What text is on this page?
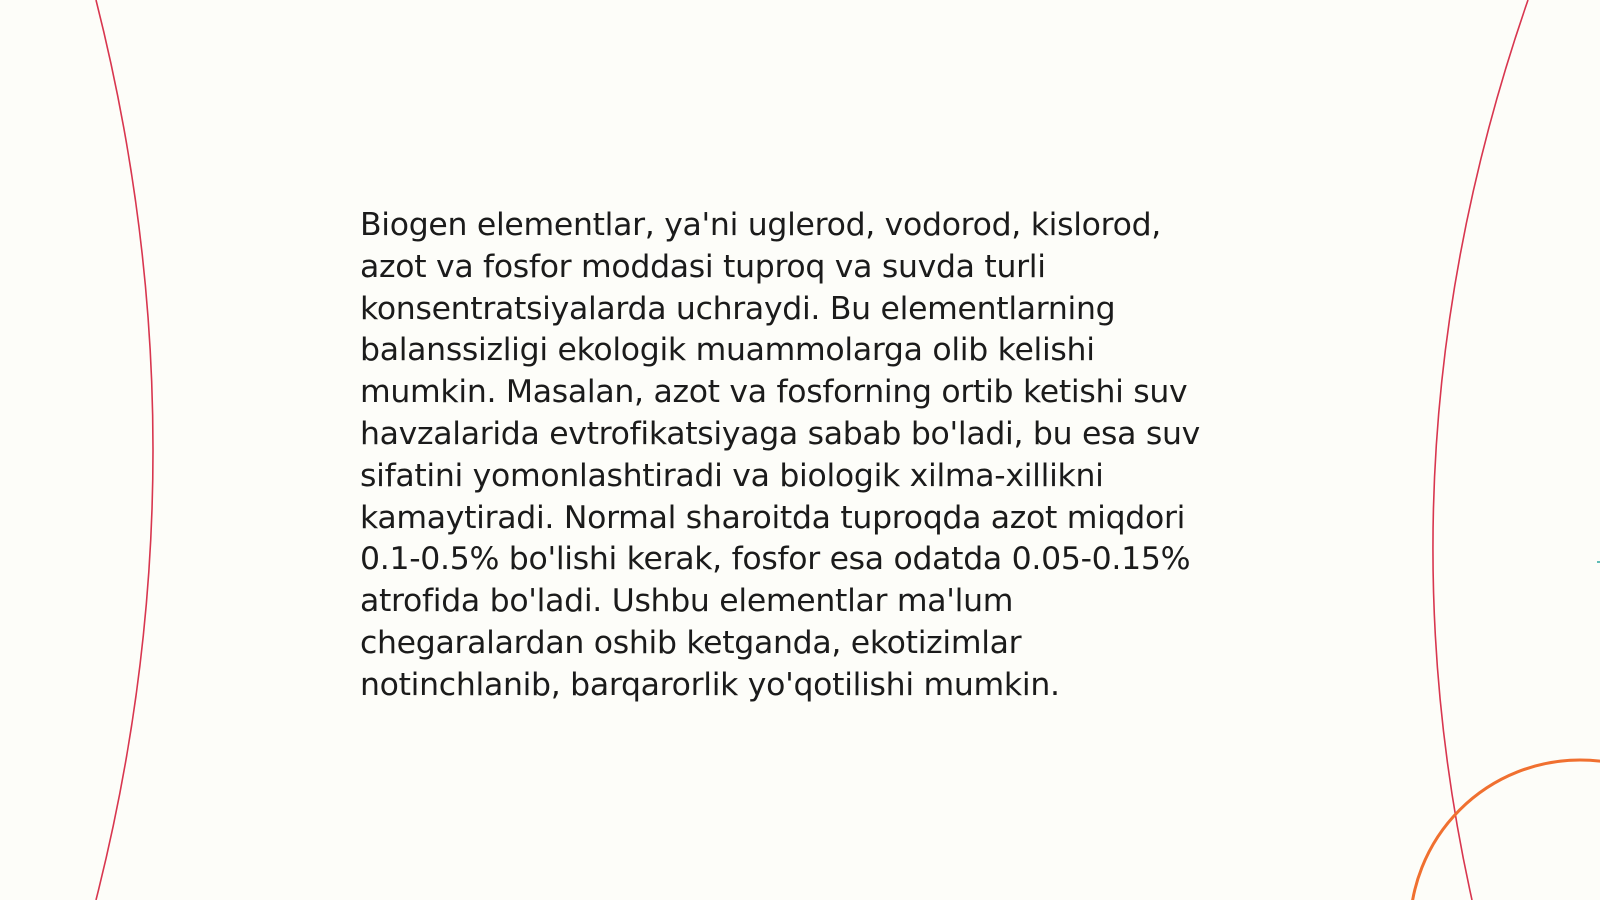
Biogen elementlar, ya'ni uglerod, vodorod, kislorod,
azot va fosfor moddasi tuproq va suvda turli
konsentratsiyalarda uchraydi. Bu elementlarning
balanssizligi ekologik muammolarga olib kelishi
mumkin. Masalan, azot va fosforning ortib ketishi suv
havzalarida evtrofikatsiyaga sabab bo'ladi, bu esa suv
sifatini yomonlashtiradi va biologik xilma-xillikni
kamaytiradi. Normal sharoitda tuproqda azot miqdori
0.1-0.5% bo'lishi kerak, fosfor esa odatda 0.05-0.15%
atrofida bo'ladi. Ushbu elementlar ma'lum
chegaralardan oshib ketganda, ekotizimlar
notinchlanib, barqarorlik yo'qotilishi mumkin.
